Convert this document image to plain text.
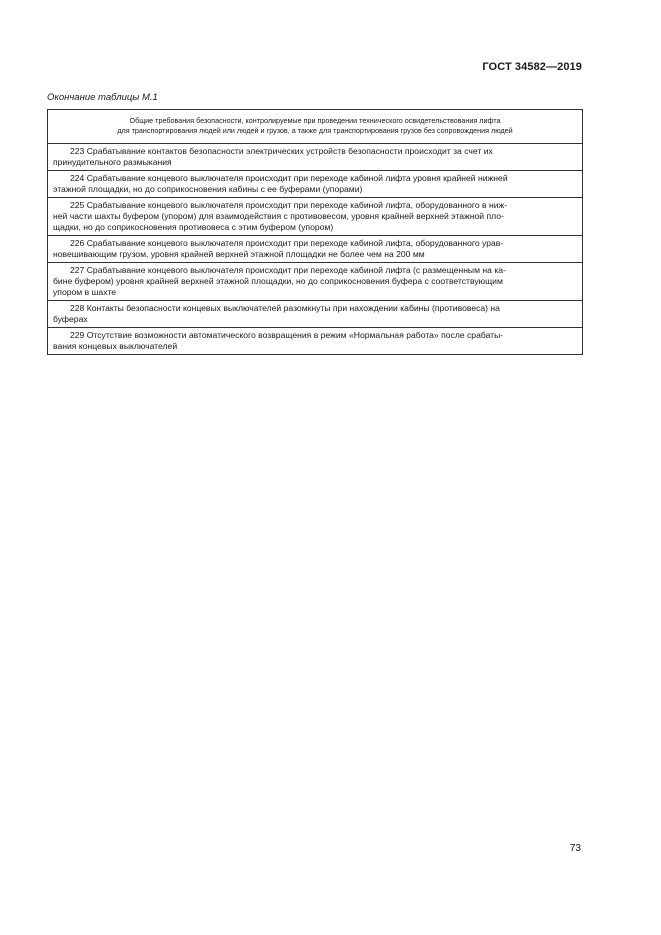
ГОСТ 34582—2019
Окончание таблицы М.1
Общие требования безопасности, контролируемые при проведении технического освидетельствования лифта
для транспортирования людей или людей и грузов, а также для транспортирования грузов без сопровождения людей

223 Срабатывание контактов безопасности электрических устройств безопасности происходит за счет их
принудительного размыкания

224 Срабатывание концевого выключателя происходит при переходе кабиной лифта уровня крайней нижней
этажной площадки, но до соприкосновения кабины с ее буферами (упорами)

225 Срабатывание концевого выключателя происходит при переходе кабиной лифта, оборудованного в ниж-
ней части шахты буфером (упором) для взаимодействия с противовесом, уровня крайней верхней этажной пло-
щадки, но до соприкосновения противовеса с этим буфером (упором)

226 Срабатывание концевого выключателя происходит при переходе кабиной лифта, оборудованного урав-
новешивающим грузом, уровня крайней верхней этажной площадки не более чем на 200 мм

227 Срабатывание концевого выключателя происходит при переходе кабиной лифта (с размещенным на ка-
бине буфером) уровня крайней верхней этажной площадки, но до соприкосновения буфера с соответствующим
упором в шахте

228 Контакты безопасности концевых выключателей разомкнуты при нахождении кабины (противовеса) на
буферах

229 Отсутствие возможности автоматического возвращения в режим «Нормальная работа» после срабаты-
вания концевых выключателей
73
